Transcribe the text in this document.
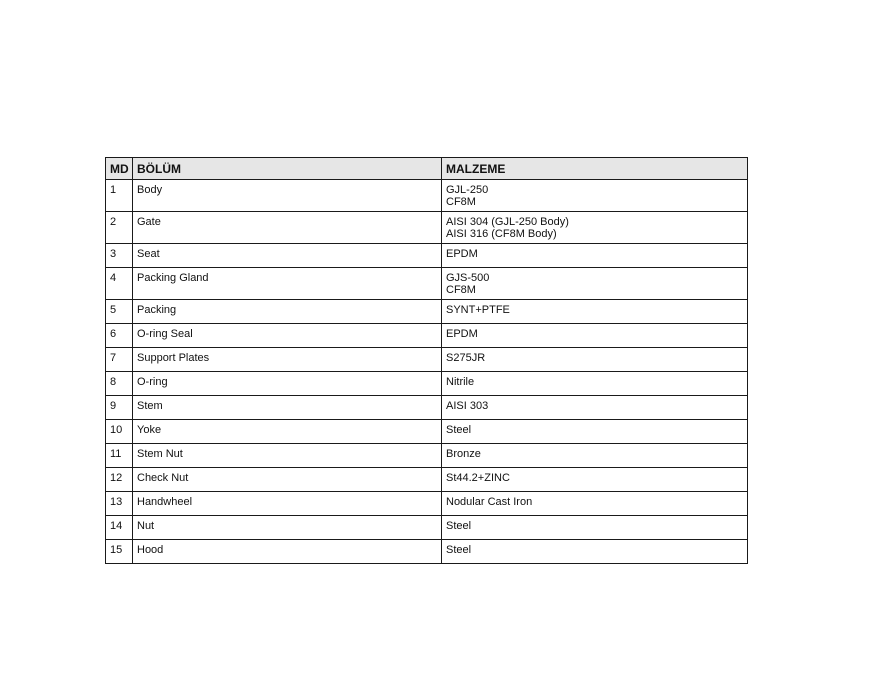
MD	BÖLÜM	MALZEME
1	Body	GJL-250
CF8M

2	Gate	AISI 304 (GJL-250 Body)
AISI 316 (CF8M Body)

3	Seat	EPDM

4	Packing Gland	GJS-500
CF8M

5	Packing	SYNT+PTFE

6	O-ring Seal	EPDM

7	Support Plates	S275JR

8	O-ring	Nitrile

9	Stem	AISI 303

10	Yoke	Steel

11	Stem Nut	Bronze

12	Check Nut	St44.2+ZINC

13	Handwheel	Nodular Cast Iron

14	Nut	Steel

15	Hood	Steel
